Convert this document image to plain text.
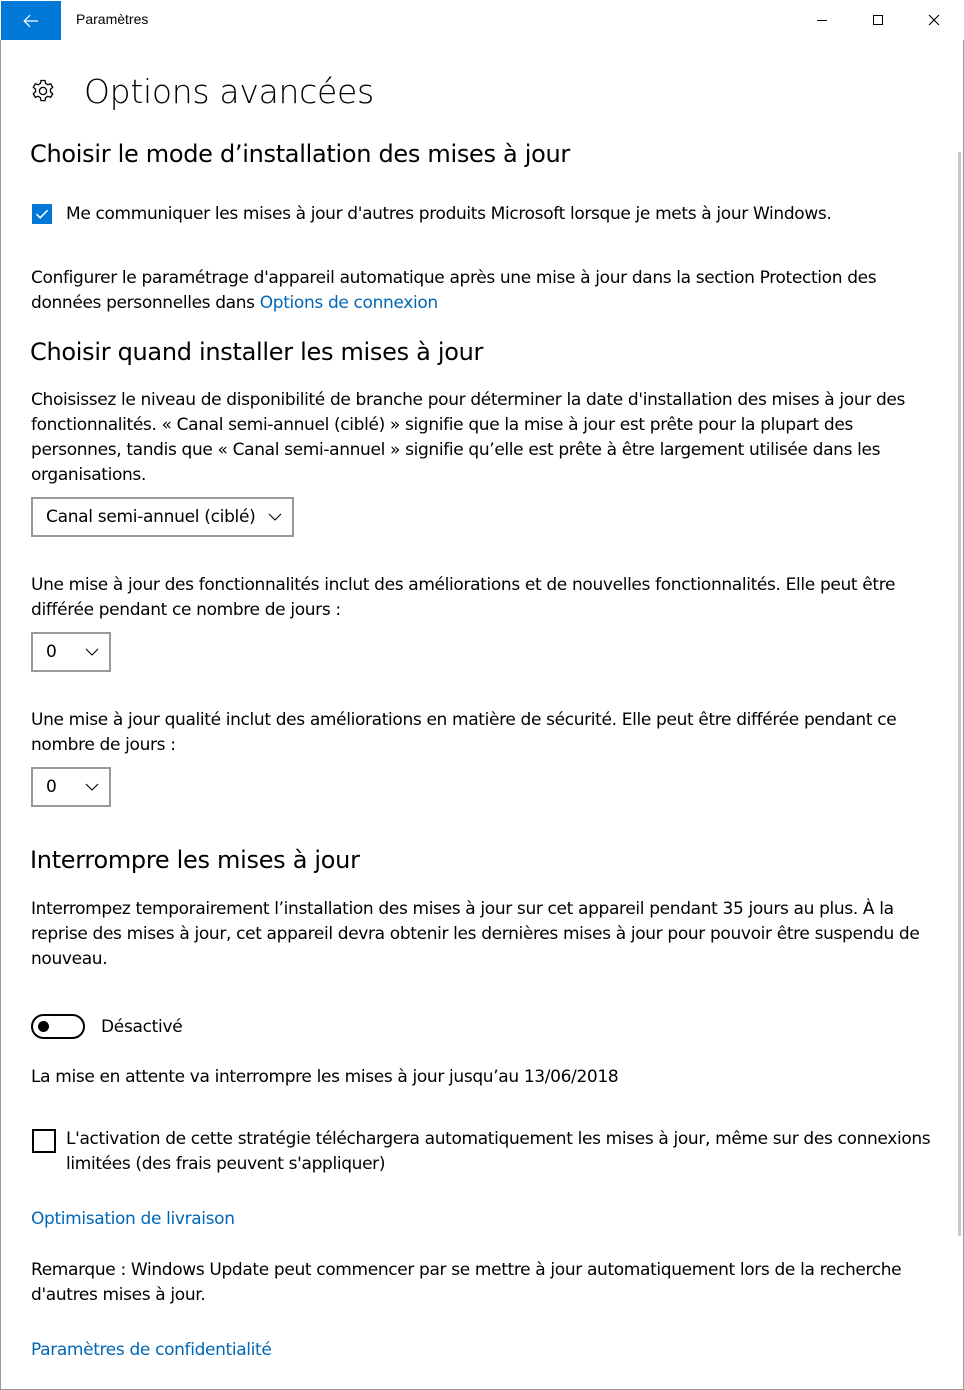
Paramètres
Options avancées
Choisir le mode d’installation des mises à jour
Me communiquer les mises à jour d'autres produits Microsoft lorsque je mets à jour Windows.
Configurer le paramétrage d'appareil automatique après une mise à jour dans la section Protection des données personnelles dans Options de connexion
Choisir quand installer les mises à jour
Choisissez le niveau de disponibilité de branche pour déterminer la date d'installation des mises à jour des fonctionnalités. « Canal semi-annuel (ciblé) » signifie que la mise à jour est prête pour la plupart des personnes, tandis que « Canal semi-annuel » signifie qu’elle est prête à être largement utilisée dans les organisations.
Canal semi-annuel (ciblé)
Une mise à jour des fonctionnalités inclut des améliorations et de nouvelles fonctionnalités. Elle peut être différée pendant ce nombre de jours :
0
Une mise à jour qualité inclut des améliorations en matière de sécurité. Elle peut être différée pendant ce nombre de jours :
0
Interrompre les mises à jour
Interrompez temporairement l’installation des mises à jour sur cet appareil pendant 35 jours au plus. À la reprise des mises à jour, cet appareil devra obtenir les dernières mises à jour pour pouvoir être suspendu de nouveau.
Désactivé
La mise en attente va interrompre les mises à jour jusqu’au 13/06/2018
L'activation de cette stratégie téléchargera automatiquement les mises à jour, même sur des connexions limitées (des frais peuvent s'appliquer)
Optimisation de livraison
Remarque : Windows Update peut commencer par se mettre à jour automatiquement lors de la recherche d'autres mises à jour.
Paramètres de confidentialité
